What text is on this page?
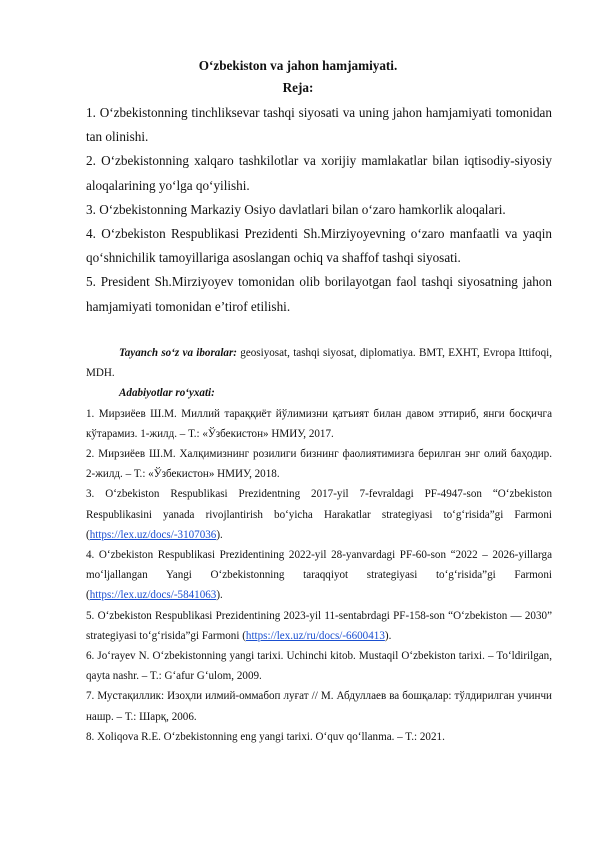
O‘zbekiston va jahon hamjamiyati.
Reja:

1. O‘zbekistonning tinchliksevar tashqi siyosati va uning jahon hamjamiyati tomonidan tan olinishi.

2. O‘zbekistonning xalqaro tashkilotlar va xorijiy mamlakatlar bilan iqtisodiy-siyosiy aloqalarining yo‘lga qo‘yilishi.

3. O‘zbekistonning Markaziy Osiyo davlatlari bilan o‘zaro hamkorlik aloqalari.

4. O‘zbekiston Respublikasi Prezidenti Sh.Mirziyoyevning o‘zaro manfaatli va yaqin qo‘shnichilik tamoyillariga asoslangan ochiq va shaffof tashqi siyosati.

5. President Sh.Mirziyoyev tomonidan olib borilayotgan faol tashqi siyosatning jahon hamjamiyati tomonidan e’tirof etilishi.

Tayanch so‘z va iboralar: geosiyosat, tashqi siyosat, diplomatiya. BMT, EXHT, Evropa Ittifoqi, MDH.

Adabiyotlar ro‘yxati:

1. Мирзиёев Ш.М. Миллий тараққиёт йўлимизни қатъият билан давом эттириб, янги босқичга кўтарамиз. 1-жилд. – Т.: «Ўзбекистон» НМИУ, 2017.

2. Мирзиёев Ш.М. Халқимизнинг розилиги бизнинг фаолиятимизга берилган энг олий баҳодир. 2-жилд. – Т.: «Ўзбекистон» НМИУ, 2018.

3. O‘zbekiston Respublikasi Prezidentning 2017-yil 7-fevraldagi PF-4947-son “O‘zbekiston Respublikasini yanada rivojlantirish bo‘yicha Harakatlar strategiyasi to‘g‘risida”gi Farmoni (https://lex.uz/docs/-3107036).

4. O‘zbekiston Respublikasi Prezidentining 2022-yil 28-yanvardagi PF-60-son “2022 – 2026-yillarga mo‘ljallangan Yangi O‘zbekistonning taraqqiyot strategiyasi to‘g‘risida”gi Farmoni (https://lex.uz/docs/-5841063).

5. O‘zbekiston Respublikasi Prezidentining 2023-yil 11-sentabrdagi PF-158-son “O‘zbekiston — 2030” strategiyasi to‘g‘risida”gi Farmoni (https://lex.uz/ru/docs/-6600413).

6. Jo‘rayev N. O‘zbekistonning yangi tarixi. Uchinchi kitob. Mustaqil O‘zbekiston tarixi. – To‘ldirilgan, qayta nashr. – T.: G‘afur G‘ulom, 2009.

7. Мустақиллик: Изоҳли илмий-оммабоп луғат // М. Абдуллаев ва бошқалар: тўлдирилган учинчи нашр. – Т.: Шарқ, 2006.

8. Xoliqova R.E. O‘zbekistonning eng yangi tarixi. O‘quv qo‘llanma. – T.: 2021.
